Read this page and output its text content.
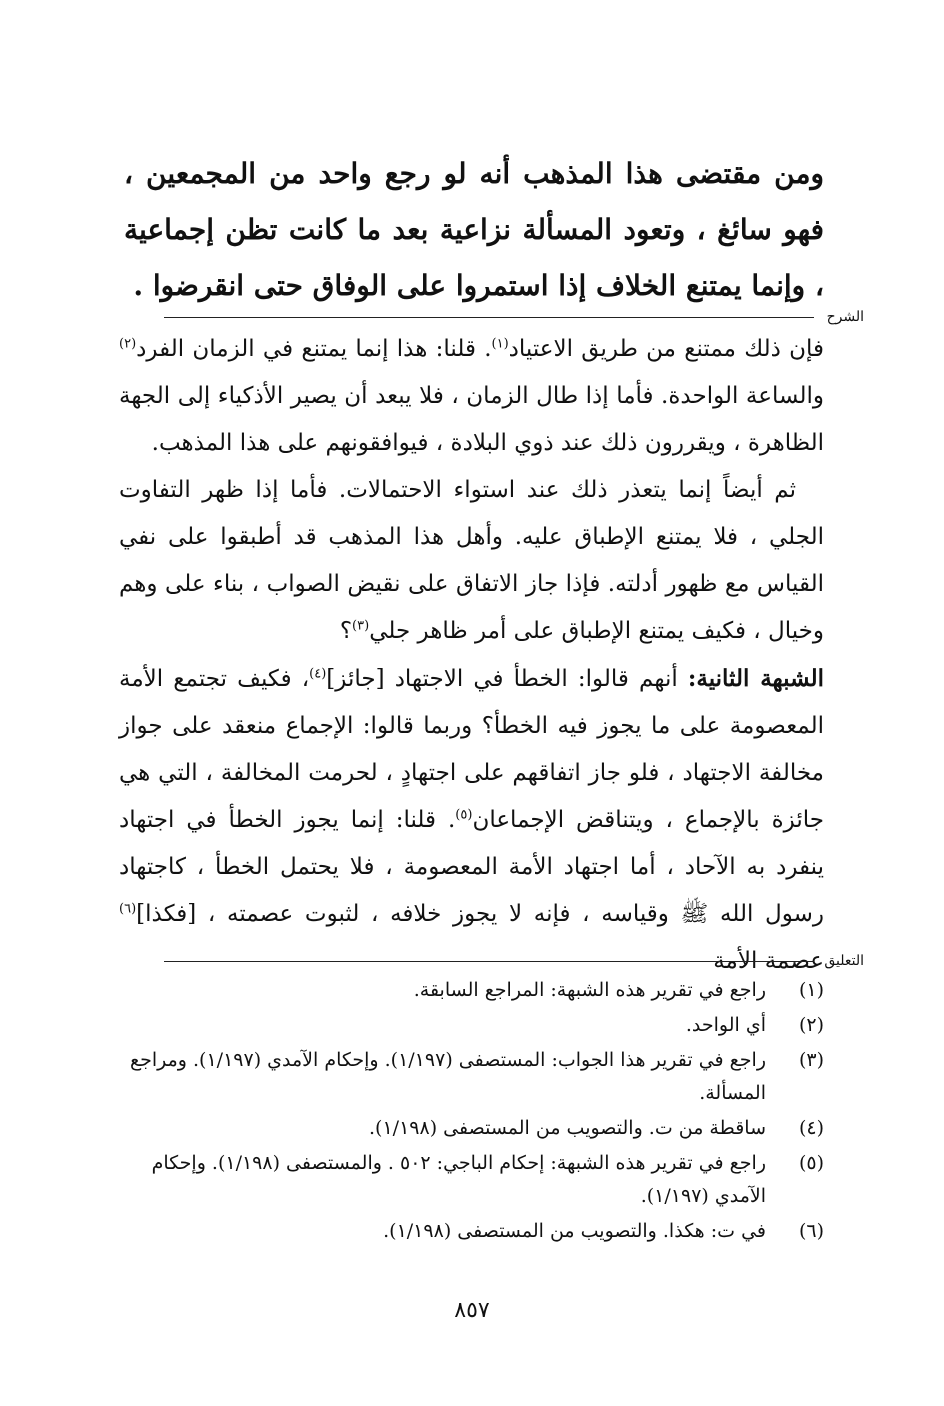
ومن مقتضى هذا المذهب أنه لو رجع واحد من المجمعين ، فهو سائغ ، وتعود المسألة نزاعية بعد ما كانت تظن إجماعية ، وإنما يمتنع الخلاف إذا استمروا على الوفاق حتى انقرضوا .

الشرح

فإن ذلك ممتنع من طريق الاعتياد$^{(١)}$. قلنا: هذا إنما يمتنع في الزمان الفرد$^{(٢)}$ والساعة الواحدة. فأما إذا طال الزمان ، فلا يبعد أن يصير الأذكياء إلى الجهة الظاهرة ، ويقررون ذلك عند ذوي البلادة ، فيوافقونهم على هذا المذهب.

ثم أيضاً إنما يتعذر ذلك عند استواء الاحتمالات. فأما إذا ظهر التفاوت الجلي ، فلا يمتنع الإطباق عليه. وأهل هذا المذهب قد أطبقوا على نفي القياس مع ظهور أدلته. فإذا جاز الاتفاق على نقيض الصواب ، بناء على وهم وخيال ، فكيف يمتنع الإطباق على أمر ظاهر جلي$^{(٣)}$؟

الشبهة الثانية: أنهم قالوا: الخطأ في الاجتهاد [جائز]$^{(٤)}$، فكيف تجتمع الأمة المعصومة على ما يجوز فيه الخطأ؟ وربما قالوا: الإجماع منعقد على جواز مخالفة الاجتهاد ، فلو جاز اتفاقهم على اجتهادٍ ، لحرمت المخالفة ، التي هي جائزة بالإجماع ، ويتناقض الإجماعان$^{(٥)}$. قلنا: إنما يجوز الخطأ في اجتهاد ينفرد به الآحاد ، أما اجتهاد الأمة المعصومة ، فلا يحتمل الخطأ ، كاجتهاد رسول الله ﷺ وقياسه ، فإنه لا يجوز خلافه ، لثبوت عصمته ، [فكذا]$^{(٦)}$ عصمة الأمة التعليق
(١)
راجع في تقرير هذه الشبهة: المراجع السابقة.
(٢)
أي الواحد.
(٣)
راجع في تقرير هذا الجواب: المستصفى (١/١٩٧). وإحكام الآمدي (١/١٩٧). ومراجع المسألة.
(٤)
ساقطة من ت. والتصويب من المستصفى (١/١٩٨).
(٥)
راجع في تقرير هذه الشبهة: إحكام الباجي: ٥٠٢ . والمستصفى (١/١٩٨). وإحكام الآمدي (١/١٩٧).
(٦)
في ت: هكذا. والتصويب من المستصفى (١/١٩٨).
٨٥٧
